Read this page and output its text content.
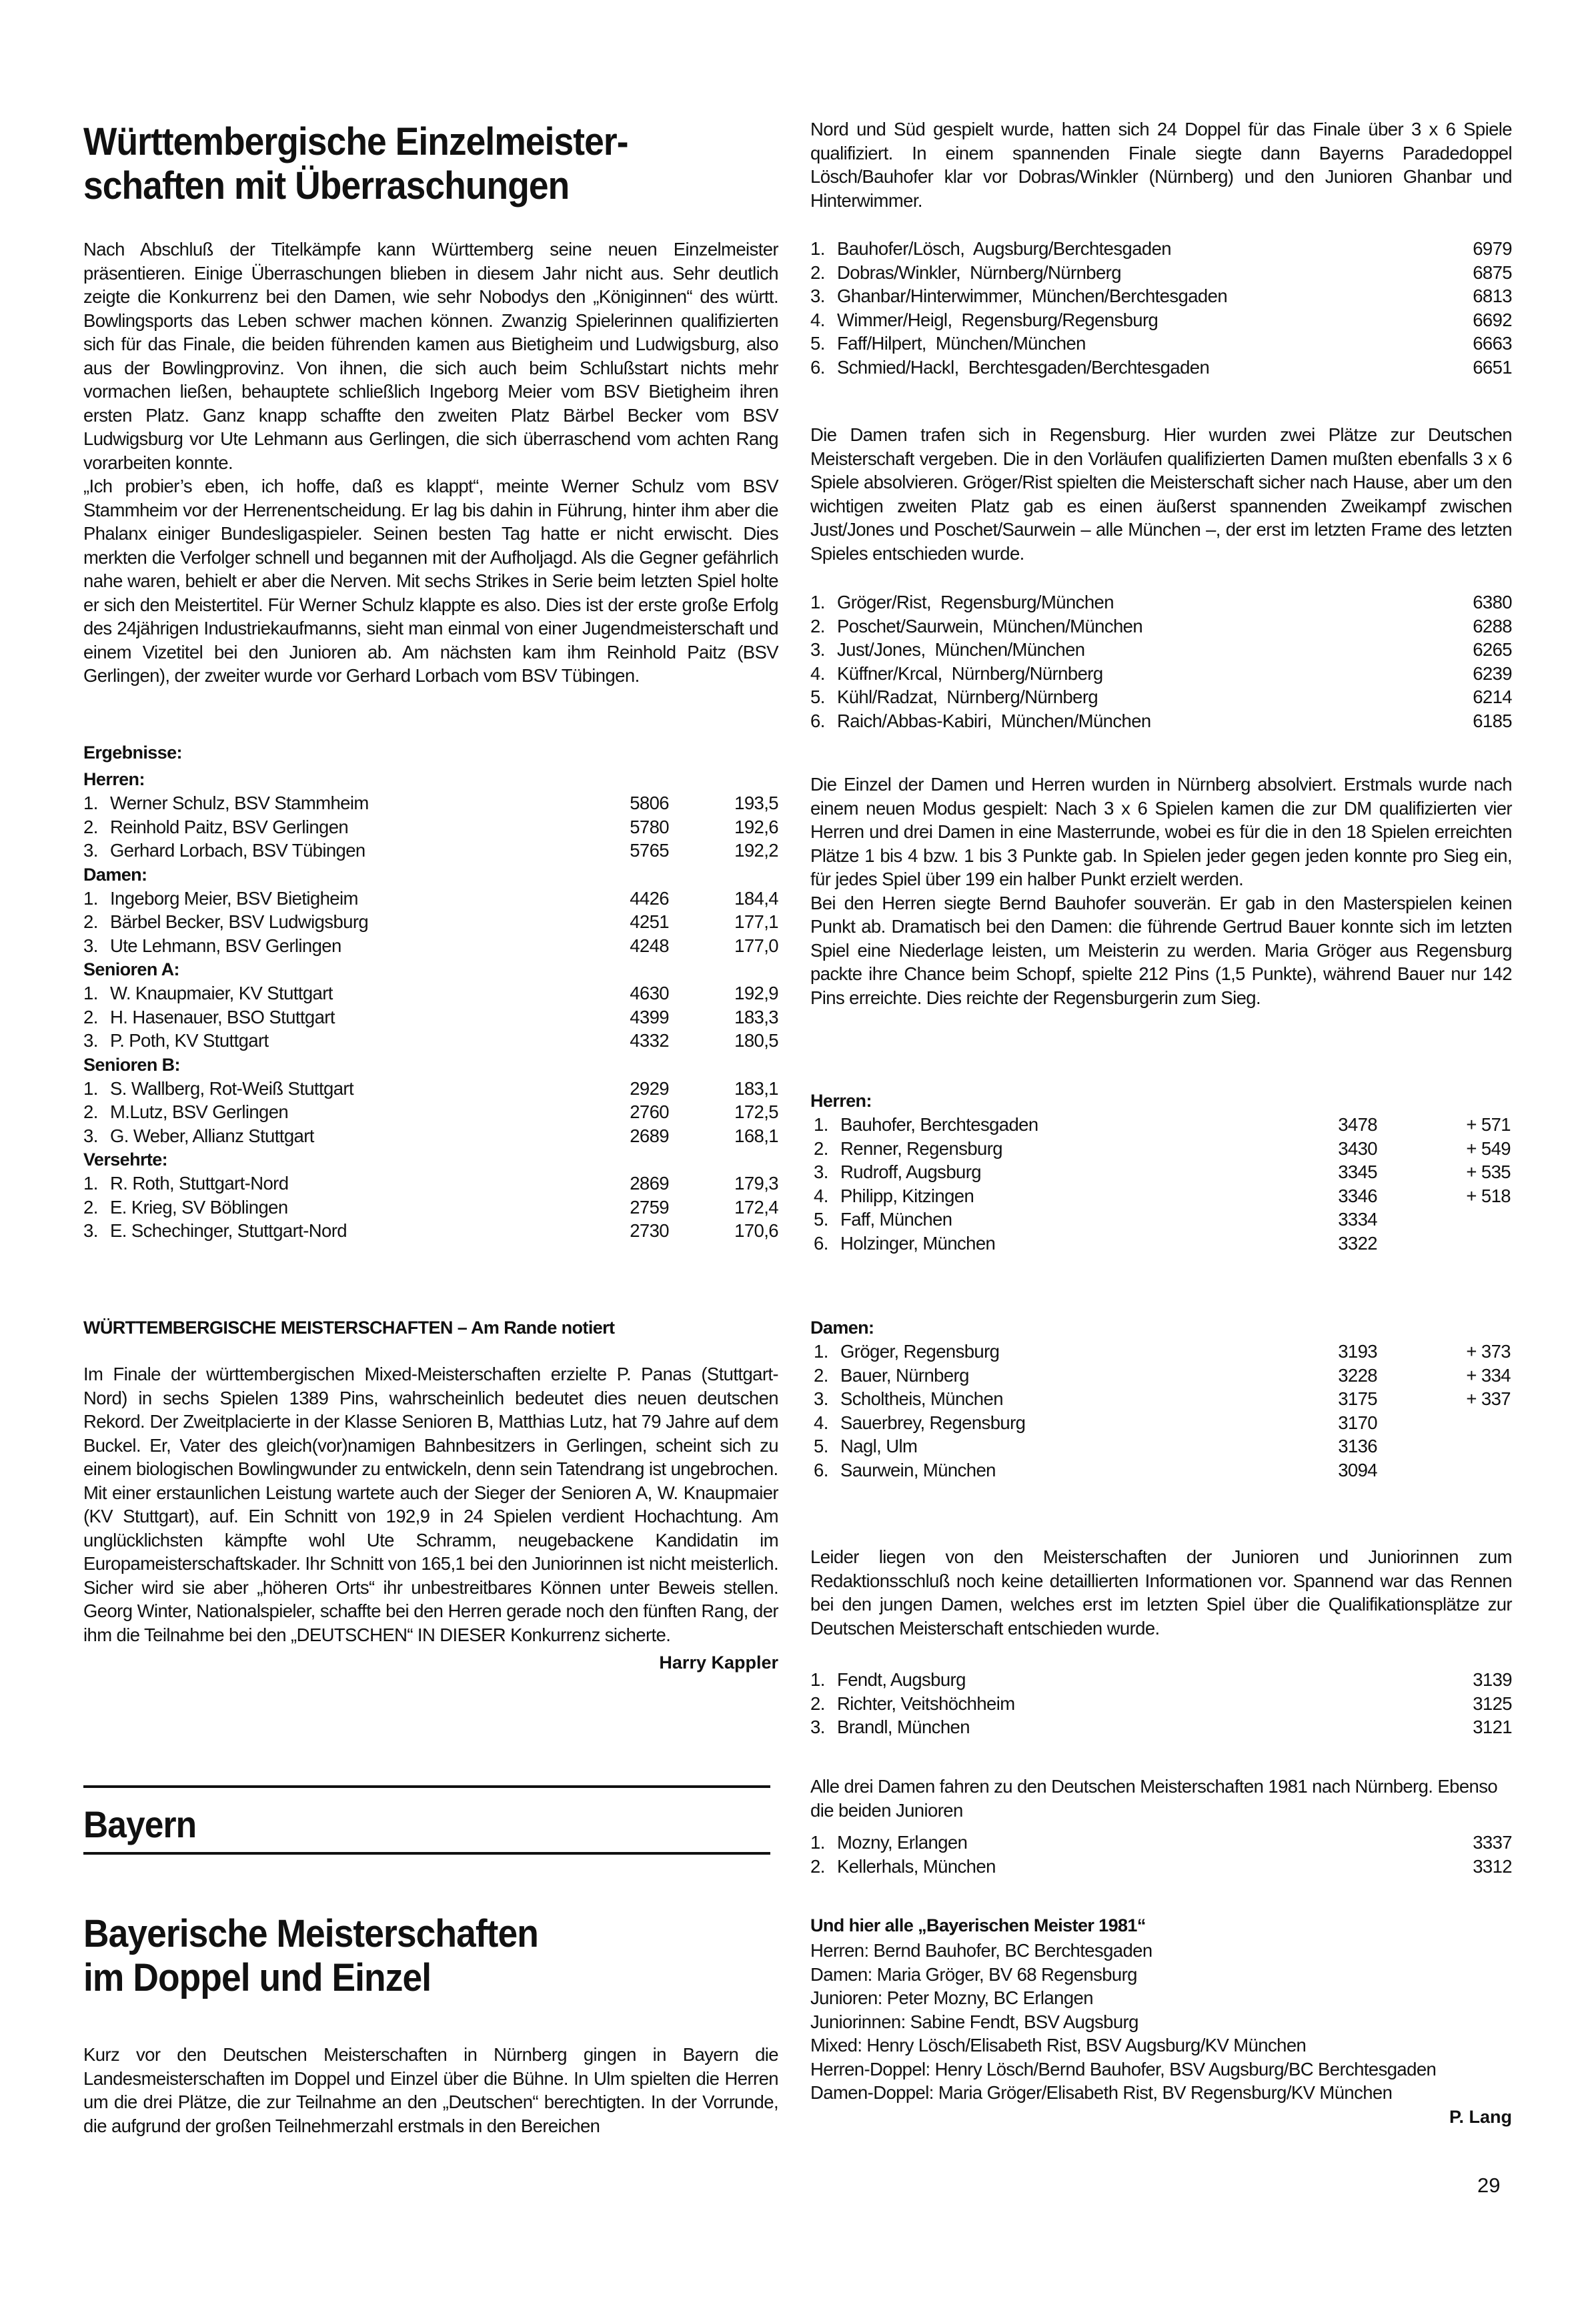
Württembergische Einzelmeister-
schaften mit Überraschungen

Nach Abschluß der Titelkämpfe kann Württemberg seine neuen Einzelmeister präsentieren. Einige Überraschungen blieben in diesem Jahr nicht aus. Sehr deutlich zeigte die Konkurrenz bei den Damen, wie sehr Nobodys den „Königinnen“ des württ. Bowlingsports das Leben schwer machen können. Zwanzig Spielerinnen qualifizierten sich für das Finale, die beiden führenden kamen aus Bietigheim und Ludwigsburg, also aus der Bowlingprovinz. Von ihnen, die sich auch beim Schlußstart nichts mehr vormachen ließen, behauptete schließlich Ingeborg Meier vom BSV Bietigheim ihren ersten Platz. Ganz knapp schaffte den zweiten Platz Bärbel Becker vom BSV Ludwigsburg vor Ute Lehmann aus Gerlingen, die sich überraschend vom achten Rang vorarbeiten konnte.

„Ich probier’s eben, ich hoffe, daß es klappt“, meinte Werner Schulz vom BSV Stammheim vor der Herrenentscheidung. Er lag bis dahin in Führung, hinter ihm aber die Phalanx einiger Bundesligaspieler. Seinen besten Tag hatte er nicht erwischt. Dies merkten die Verfolger schnell und begannen mit der Aufholjagd. Als die Gegner gefährlich nahe waren, behielt er aber die Nerven. Mit sechs Strikes in Serie beim letzten Spiel holte er sich den Meistertitel. Für Werner Schulz klappte es also. Dies ist der erste große Erfolg des 24jährigen Industriekaufmanns, sieht man einmal von einer Jugendmeisterschaft und einem Vizetitel bei den Junioren ab. Am nächsten kam ihm Reinhold Paitz (BSV Gerlingen), der zweiter wurde vor Gerhard Lorbach vom BSV Tübingen.

Ergebnisse:
Herren:
1. Werner Schulz, BSV Stammheim	5806	193,5
2. Reinhold Paitz, BSV Gerlingen	5780	192,6
3. Gerhard Lorbach, BSV Tübingen	5765	192,2
Damen:
1. Ingeborg Meier, BSV Bietigheim	4426	184,4
2. Bärbel Becker, BSV Ludwigsburg	4251	177,1
3. Ute Lehmann, BSV Gerlingen	4248	177,0
Senioren A:
1. W. Knaupmaier, KV Stuttgart	4630	192,9
2. H. Hasenauer, BSO Stuttgart	4399	183,3
3. P. Poth, KV Stuttgart	4332	180,5
Senioren B:
1. S. Wallberg, Rot-Weiß Stuttgart	2929	183,1
2. M.Lutz, BSV Gerlingen	2760	172,5
3. G. Weber, Allianz Stuttgart	2689	168,1
Versehrte:
1. R. Roth, Stuttgart-Nord	2869	179,3
2. E. Krieg, SV Böblingen	2759	172,4
3. E. Schechinger, Stuttgart-Nord	2730	170,6
WÜRTTEMBERGISCHE MEISTERSCHAFTEN – Am Rande notiert

Im Finale der württembergischen Mixed-Meisterschaften erzielte P. Panas (Stuttgart-Nord) in sechs Spielen 1389 Pins, wahrscheinlich bedeutet dies neuen deutschen Rekord. Der Zweitplacierte in der Klasse Senioren B, Matthias Lutz, hat 79 Jahre auf dem Buckel. Er, Vater des gleich(vor)namigen Bahnbesitzers in Gerlingen, scheint sich zu einem biologischen Bowlingwunder zu entwickeln, denn sein Tatendrang ist ungebrochen.

Mit einer erstaunlichen Leistung wartete auch der Sieger der Senioren A, W. Knaupmaier (KV Stuttgart), auf. Ein Schnitt von 192,9 in 24 Spielen verdient Hochachtung. Am unglücklichsten kämpfte wohl Ute Schramm, neugebackene Kandidatin im Europameisterschaftskader. Ihr Schnitt von 165,1 bei den Juniorinnen ist nicht meisterlich. Sicher wird sie aber „höheren Orts“ ihr unbestreitbares Können unter Beweis stellen. Georg Winter, Nationalspieler, schaffte bei den Herren gerade noch den fünften Rang, der ihm die Teilnahme bei den „DEUTSCHEN“ IN DIESER Konkurrenz sicherte.

Harry Kappler
Bayern
Bayerische Meisterschaften
im Doppel und Einzel

Kurz vor den Deutschen Meisterschaften in Nürnberg gingen in Bayern die Landesmeisterschaften im Doppel und Einzel über die Bühne. In Ulm spielten die Herren um die drei Plätze, die zur Teilnahme an den „Deutschen“ berechtigten. In der Vorrunde, die aufgrund der großen Teilnehmerzahl erstmals in den Bereichen

Nord und Süd gespielt wurde, hatten sich 24 Doppel für das Finale über 3 x 6 Spiele qualifiziert. In einem spannenden Finale siegte dann Bayerns Paradedoppel Lösch/Bauhofer klar vor Dobras/Winkler (Nürnberg) und den Junioren Ghanbar und Hinterwimmer.

1. Bauhofer/Lösch,  Augsburg/Berchtesgaden	6979
2. Dobras/Winkler,  Nürnberg/Nürnberg	6875
3. Ghanbar/Hinterwimmer,  München/Berchtesgaden	6813
4. Wimmer/Heigl,  Regensburg/Regensburg	6692
5. Faff/Hilpert,  München/München	6663
6. Schmied/Hackl,  Berchtesgaden/Berchtesgaden	6651

Die Damen trafen sich in Regensburg. Hier wurden zwei Plätze zur Deutschen Meisterschaft vergeben. Die in den Vorläufen qualifizierten Damen mußten ebenfalls 3 x 6 Spiele absolvieren. Gröger/Rist spielten die Meisterschaft sicher nach Hause, aber um den wichtigen zweiten Platz gab es einen äußerst spannenden Zweikampf zwischen Just/Jones und Poschet/Saurwein – alle München –, der erst im letzten Frame des letzten Spieles entschieden wurde.

1. Gröger/Rist,  Regensburg/München	6380
2. Poschet/Saurwein,  München/München	6288
3. Just/Jones,  München/München	6265
4. Küffner/Krcal,  Nürnberg/Nürnberg	6239
5. Kühl/Radzat,  Nürnberg/Nürnberg	6214
6. Raich/Abbas-Kabiri,  München/München	6185

Die Einzel der Damen und Herren wurden in Nürnberg absolviert. Erstmals wurde nach einem neuen Modus gespielt: Nach 3 x 6 Spielen kamen die zur DM qualifizierten vier Herren und drei Damen in eine Masterrunde, wobei es für die in den 18 Spielen erreichten Plätze 1 bis 4 bzw. 1 bis 3 Punkte gab. In Spielen jeder gegen jeden konnte pro Sieg ein, für jedes Spiel über 199 ein halber Punkt erzielt werden.

Bei den Herren siegte Bernd Bauhofer souverän. Er gab in den Masterspielen keinen Punkt ab. Dramatisch bei den Damen: die führende Gertrud Bauer konnte sich im letzten Spiel eine Niederlage leisten, um Meisterin zu werden. Maria Gröger aus Regensburg packte ihre Chance beim Schopf, spielte 212 Pins (1,5 Punkte), während Bauer nur 142 Pins erreichte. Dies reichte der Regensburgerin zum Sieg.

Herren:
1. Bauhofer, Berchtesgaden	3478	+ 571
2. Renner, Regensburg	3430	+ 549
3. Rudroff, Augsburg	3345	+ 535
4. Philipp, Kitzingen	3346	+ 518
5. Faff, München	3334
6. Holzinger, München	3322
Damen:
1. Gröger, Regensburg	3193	+ 373
2. Bauer, Nürnberg	3228	+ 334
3. Scholtheis, München	3175	+ 337
4. Sauerbrey, Regensburg	3170
5. Nagl, Ulm	3136
6. Saurwein, München	3094

Leider liegen von den Meisterschaften der Junioren und Juniorinnen zum Redaktionsschluß noch keine detaillierten Informationen vor. Spannend war das Rennen bei den jungen Damen, welches erst im letzten Spiel über die Qualifikationsplätze zur Deutschen Meisterschaft entschieden wurde.

1. Fendt, Augsburg	3139
2. Richter, Veitshöchheim	3125
3. Brandl, München	3121

Alle drei Damen fahren zu den Deutschen Meisterschaften 1981 nach Nürnberg. Ebenso die beiden Junioren

1. Mozny, Erlangen	3337
2. Kellerhals, München	3312
Und hier alle „Bayerischen Meister 1981“
Herren: Bernd Bauhofer, BC Berchtesgaden
Damen: Maria Gröger, BV 68 Regensburg
Junioren: Peter Mozny, BC Erlangen
Juniorinnen: Sabine Fendt, BSV Augsburg
Mixed: Henry Lösch/Elisabeth Rist, BSV Augsburg/KV München
Herren-Doppel: Henry Lösch/Bernd Bauhofer, BSV Augsburg/BC Berchtesgaden
Damen-Doppel: Maria Gröger/Elisabeth Rist, BV Regensburg/KV München
P. Lang
29
